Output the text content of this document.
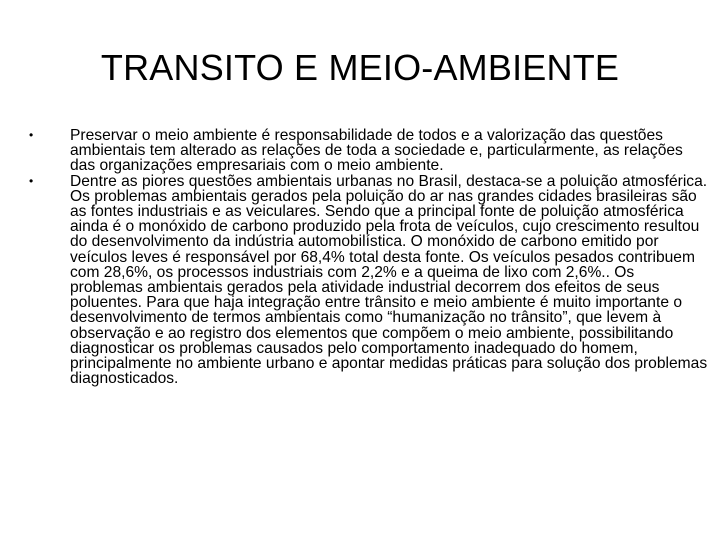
TRANSITO E MEIO-AMBIENTE
• Preservar o meio ambiente é responsabilidade de todos e a valorização das questões ambientais tem alterado as relações de toda a sociedade e, particularmente, as relações das organizações empresariais com o meio ambiente.
• Dentre as piores questões ambientais urbanas no Brasil, destaca-se a poluição atmosférica. Os problemas ambientais gerados pela poluição do ar nas grandes cidades brasileiras são as fontes industriais e as veiculares. Sendo que a principal fonte de poluição atmosférica ainda é o monóxido de carbono produzido pela frota de veículos, cujo crescimento resultou do desenvolvimento da indústria automobilística. O monóxido de carbono emitido por veículos leves é responsável por 68,4% total desta fonte. Os veículos pesados contribuem com 28,6%, os processos industriais com 2,2% e a queima de lixo com 2,6%.. Os problemas ambientais gerados pela atividade industrial decorrem dos efeitos de seus poluentes. Para que haja integração entre trânsito e meio ambiente é muito importante o desenvolvimento de termos ambientais como “humanização no trânsito”, que levem à observação e ao registro dos elementos que compõem o meio ambiente, possibilitando diagnosticar os problemas causados pelo comportamento inadequado do homem, principalmente no ambiente urbano e apontar medidas práticas para solução dos problemas diagnosticados.
